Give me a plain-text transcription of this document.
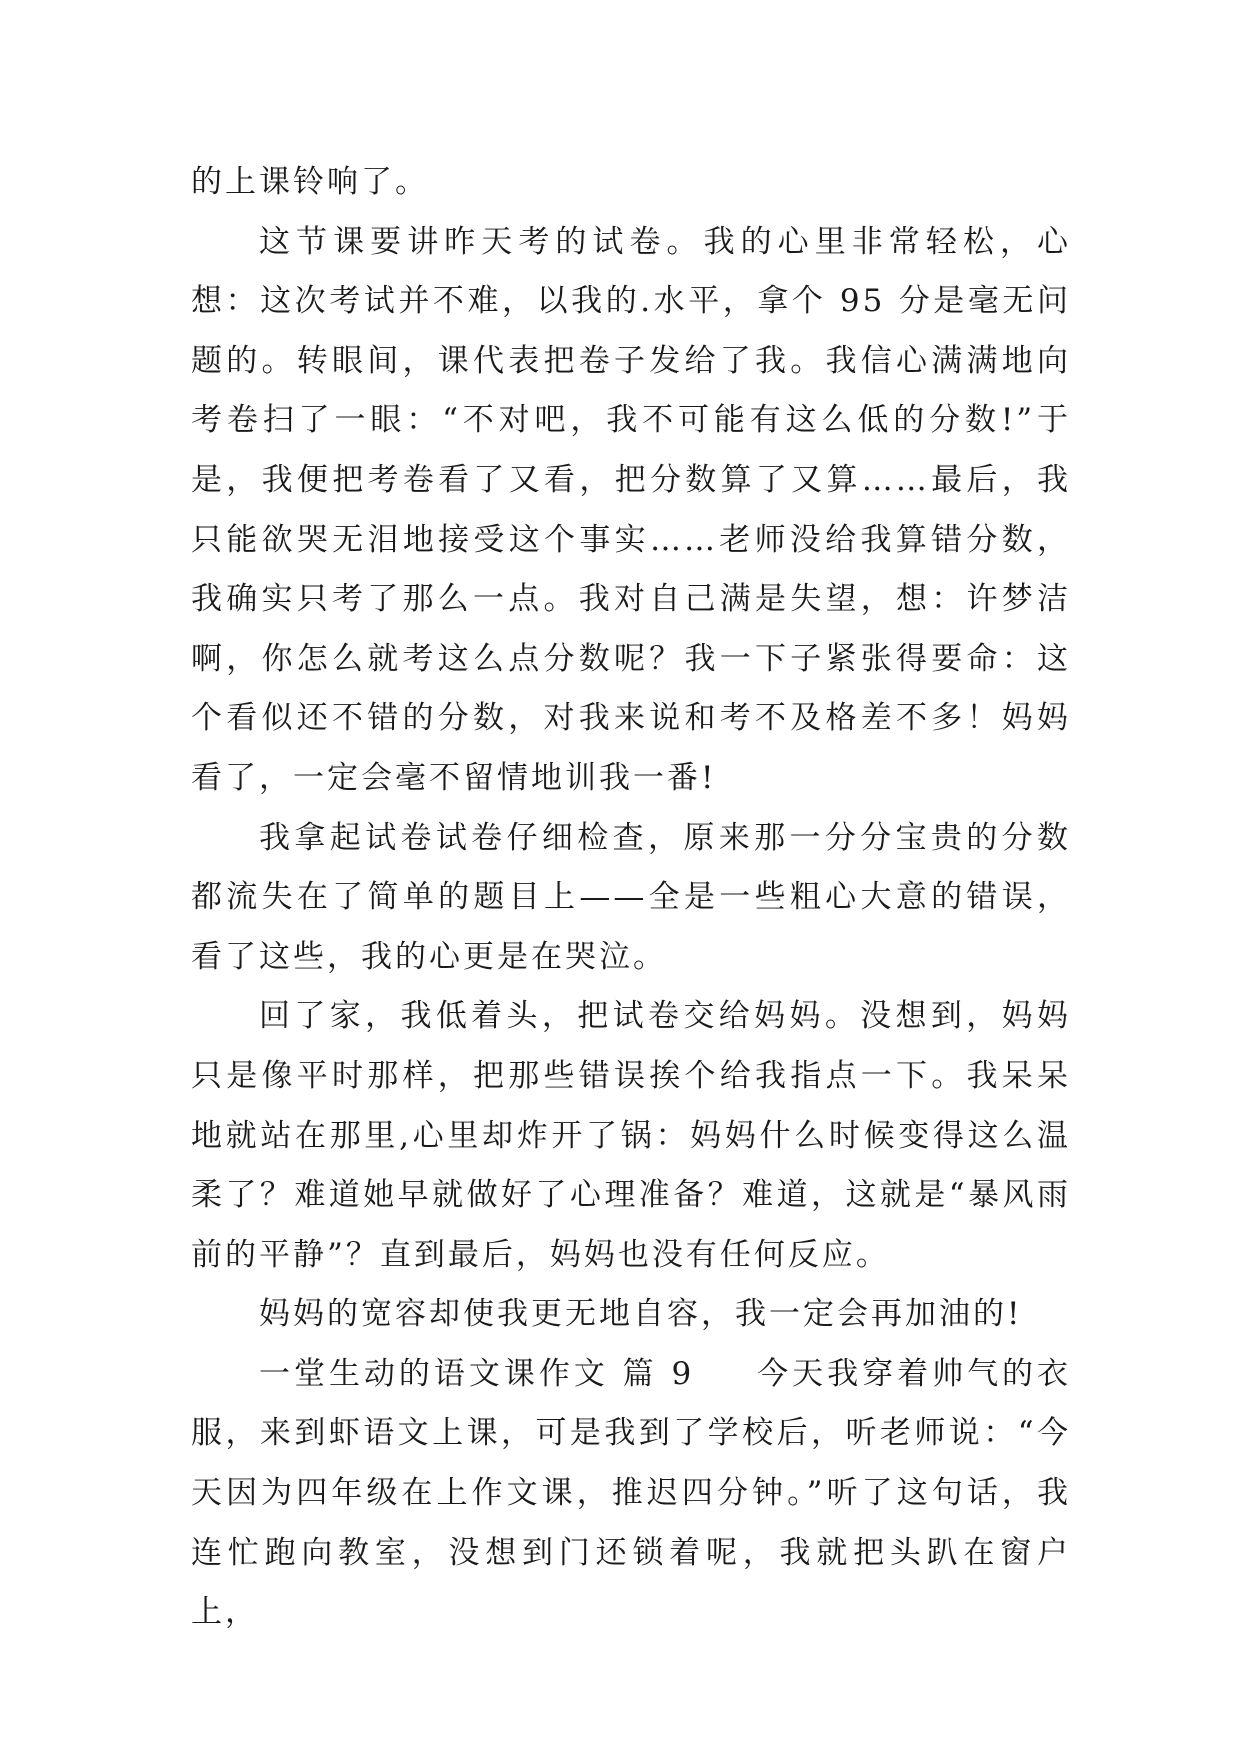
的上课铃响了。

这节课要讲昨天考的试卷。我的心里非常轻松，心想：这次考试并不难，以我的.水平，拿个 95 分是毫无问题的。转眼间，课代表把卷子发给了我。我信心满满地向考卷扫了一眼：“不对吧，我不可能有这么低的分数!”于是，我便把考卷看了又看，把分数算了又算……最后，我只能欲哭无泪地接受这个事实……老师没给我算错分数，我确实只考了那么一点。我对自己满是失望，想：许梦洁啊，你怎么就考这么点分数呢？我一下子紧张得要命：这个看似还不错的分数，对我来说和考不及格差不多！妈妈看了，一定会毫不留情地训我一番!

我拿起试卷试卷仔细检查，原来那一分分宝贵的分数都流失在了简单的题目上——全是一些粗心大意的错误，看了这些，我的心更是在哭泣。

回了家，我低着头，把试卷交给妈妈。没想到，妈妈只是像平时那样，把那些错误挨个给我指点一下。我呆呆地就站在那里,心里却炸开了锅：妈妈什么时候变得这么温柔了？难道她早就做好了心理准备？难道，这就是“暴风雨前的平静”？直到最后，妈妈也没有任何反应。

妈妈的宽容却使我更无地自容，我一定会再加油的!

一堂生动的语文课作文 篇 9 今天我穿着帅气的衣服，来到虾语文上课，可是我到了学校后，听老师说：“今天因为四年级在上作文课，推迟四分钟。”听了这句话，我连忙跑向教室，没想到门还锁着呢，我就把头趴在窗户上，
